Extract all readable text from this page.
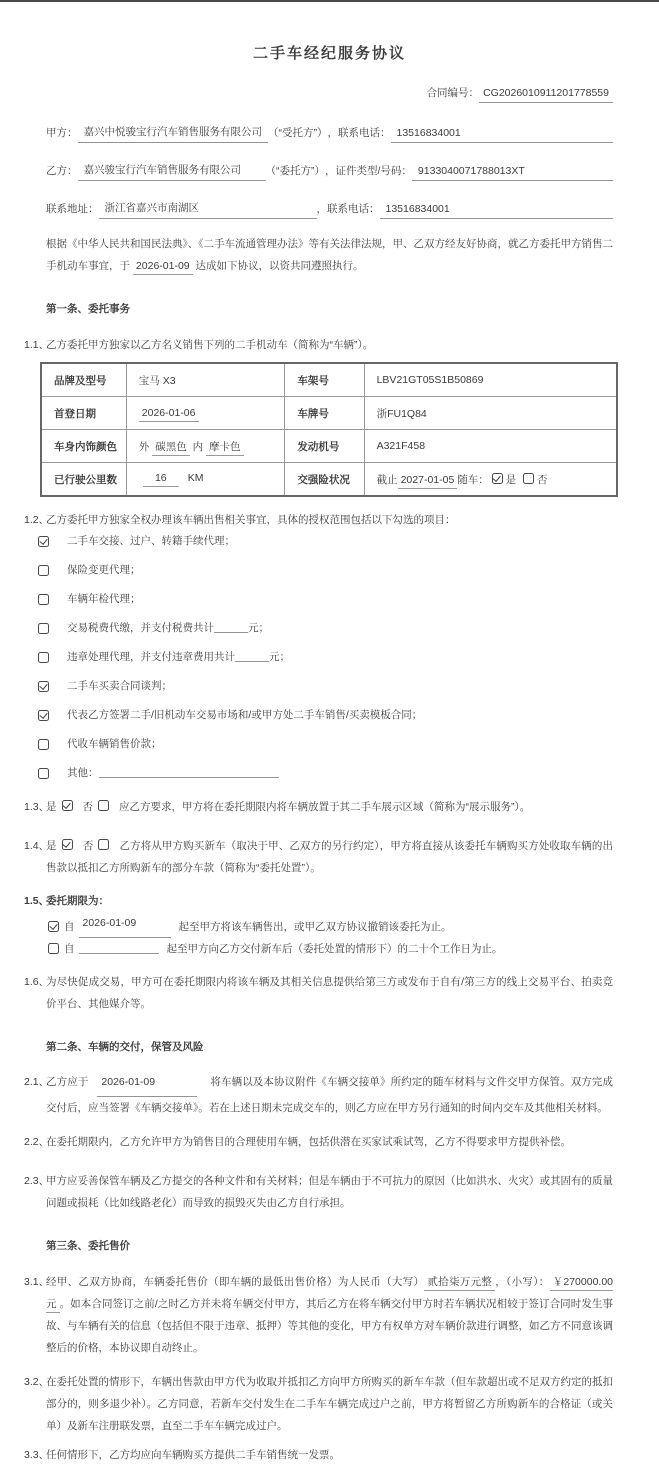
二手车经纪服务协议
合同编号： CG2026010911201778559
甲方： 嘉兴中悦骏宝行汽车销售服务有限公司 （“受托方”） ，联系电话： 13516834001
乙方： 嘉兴骏宝行汽车销售服务有限公司	（“委托方”） ，证件类型/号码： 9133040071788013XT
联系地址： 浙江省嘉兴市南湖区	，联系电话： 13516834001
根据《中华人民共和国民法典》、《二手车流通管理办法》等有关法律法规，甲、乙双方经友好协商，就乙方委托甲方销售二手机动车事宜，于 2026-01-09 达成如下协议，以资共同遵照执行。
第一条、委托事务
1.1、
乙方委托甲方独家以乙方名义销售下列的二手机动车（简称为“车辆”）。
品牌及型号	宝马 X3	车架号	LBV21GT05S1B50869
首登日期	2026-01-06	车牌号	浙FU1Q84
车身内饰颜色	外 碳黑色 内 摩卡色	发动机号	A321F458
已行驶公里数	16 KM	交强险状况	截止 2027-01-05 随车： 是 否
1.2、
乙方委托甲方独家全权办理该车辆出售相关事宜，具体的授权范围包括以下勾选的项目：
二手车交接、过户、转籍手续代理；
保险变更代理；
车辆年检代理；
交易税费代缴，并支付税费共计	元；
违章处理代理，并支付违章费用共计	元；
二手车买卖合同谈判；
代表乙方签署二手/旧机动车交易市场和/或甲方处二手车销售/买卖模板合同；
代收车辆销售价款；
其他：
1.3、
是 否 应乙方要求，甲方将在委托期限内将车辆放置于其二手车展示区域（简称为“展示服务”）。
1.4、
是 否 乙方将从甲方购买新车（取决于甲、乙双方的另行约定），甲方将直接从该委托车辆购买方处收取车辆的出售款以抵扣乙方所购新车的部分车款（简称为“委托处置”）。
1.5、
委托期限为：
自 2026-01-09	起至甲方将该车辆售出，或甲乙双方协议撤销该委托为止。
自	起至甲方向乙方交付新车后（委托处置的情形下）的二十个工作日为止。
1.6、
为尽快促成交易，甲方可在委托期限内将该车辆及其相关信息提供给第三方或发布于自有/第三方的线上交易平台、拍卖竞价平台、其他媒介等。
第二条、车辆的交付，保管及风险
2.1、
乙方应于 2026-01-09	将车辆以及本协议附件《车辆交接单》所约定的随车材料与文件交甲方保管。双方完成交付后，应当签署《车辆交接单》。若在上述日期未完成交车的，则乙方应在甲方另行通知的时间内交车及其他相关材料。
2.2、
在委托期限内，乙方允许甲方为销售目的合理使用车辆，包括供潜在买家试乘试驾，乙方不得要求甲方提供补偿。
2.3、
甲方应妥善保管车辆及乙方提交的各种文件和有关材料；但是车辆由于不可抗力的原因（比如洪水、火灾）或其固有的质量问题或损耗（比如线路老化）而导致的损毁灭失由乙方自行承担。
第三条、委托售价
3.1、
经甲、乙双方协商，车辆委托售价（即车辆的最低出售价格）为人民币（大写） 贰拾柒万元整 ，（小写）： ￥270000.00元 。如本合同签订之前/之时乙方并未将车辆交付甲方，其后乙方在将车辆交付甲方时若车辆状况相较于签订合同时发生事故、与车辆有关的信息（包括但不限于违章、抵押）等其他的变化，甲方有权单方对车辆价款进行调整，如乙方不同意该调整后的价格，本协议即自动终止。
3.2、
在委托处置的情形下，车辆出售款由甲方代为收取并抵扣乙方向甲方所购买的新车车款（但车款超出或不足双方约定的抵扣部分的，则多退少补）。乙方同意，若新车交付发生在二手车车辆完成过户之前，甲方将暂留乙方所购新车的合格证（或关单）及新车注册联发票，直至二手车车辆完成过户。
3.3、
任何情形下，乙方均应向车辆购买方提供二手车销售统一发票。
